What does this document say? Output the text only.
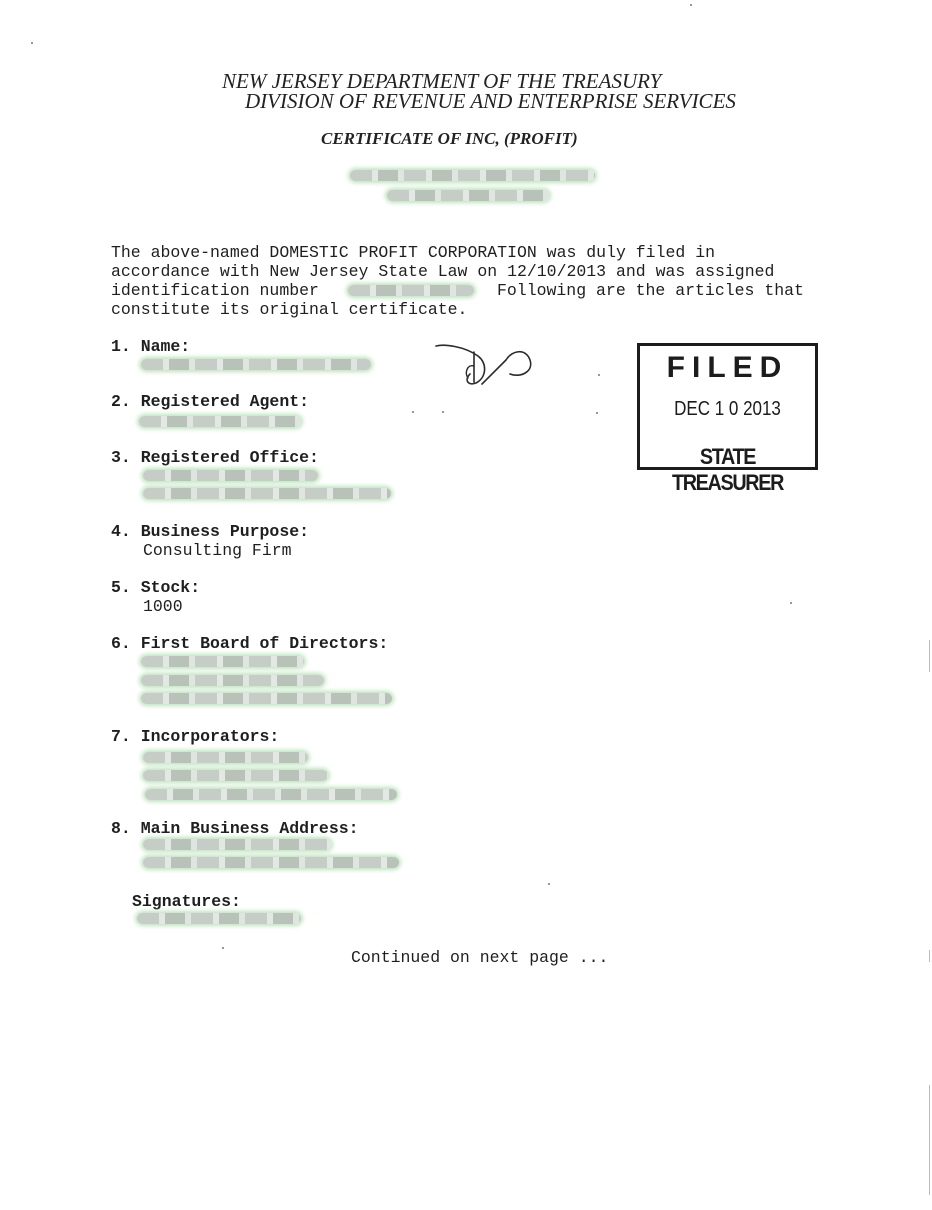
NEW JERSEY DEPARTMENT OF THE TREASURY
DIVISION OF REVENUE AND ENTERPRISE SERVICES
CERTIFICATE OF INC, (PROFIT)
The above-named DOMESTIC PROFIT CORPORATION was duly filed in
accordance with New Jersey State Law on 12/10/2013 and was assigned
identification number	Following are the articles that
constitute its original certificate.
1. Name:
2. Registered Agent:
3. Registered Office:
4. Business Purpose:
Consulting Firm
5. Stock:
1000
6. First Board of Directors:
7. Incorporators:
8. Main Business Address:
Signatures:
FILED
DEC 1 0 2013
STATE TREASURER
Continued on next page ...
